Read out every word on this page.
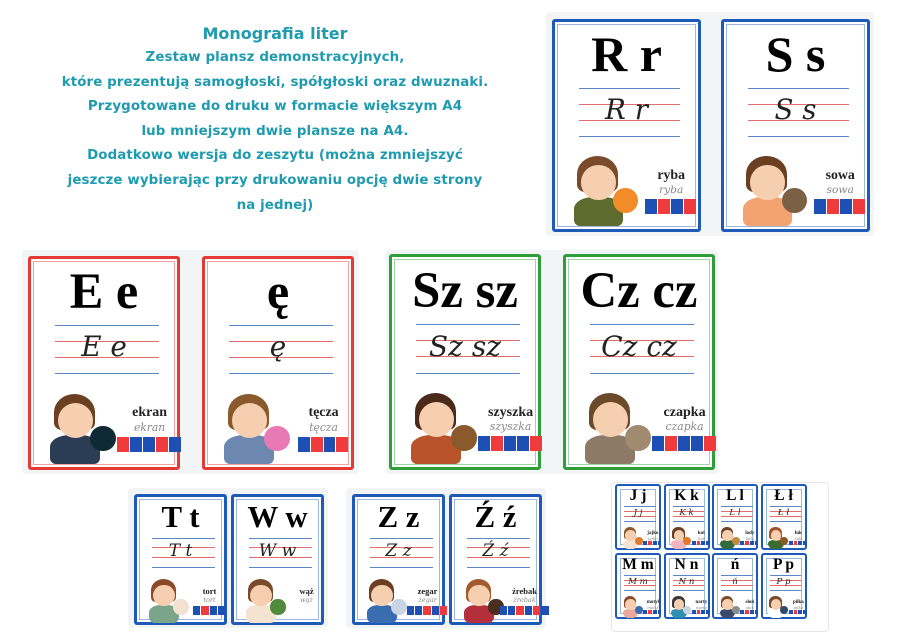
Monografia liter
Zestaw plansz demonstracyjnych,
które prezentują samogłoski, spółgłoski oraz dwuznaki.
Przygotowane do druku w formacie większym A4
lub mniejszym dwie plansze na A4.
Dodatkowo wersja do zeszytu (można zmniejszyć
jeszcze wybierając przy drukowaniu opcję dwie strony
na jednej)
R r
R r
ryba
ryba
S s
S s
sowa
sowa
E e
E e
ekran
ekran
ę
ę
tęcza
tęcza
Sz sz
Sz sz
szyszka
szyszka
Cz cz
Cz cz
czapka
czapka
T t
T t
tort
tort
W w
W w
wąż
wąż
Z z
Z z
zegar
zegar
Ź ź
Ź ź
źrebak
źrebak
J j
J j
jajko
jajko
K k
K k
kot
kot
L l
L l
lody
lody
Ł ł
Ł ł
łuk
łuk
M m
M m
motyl
motyl
N n
N n
narty
narty
ń
ń
słoń
słoń
P p
P p
piłka
piłka
